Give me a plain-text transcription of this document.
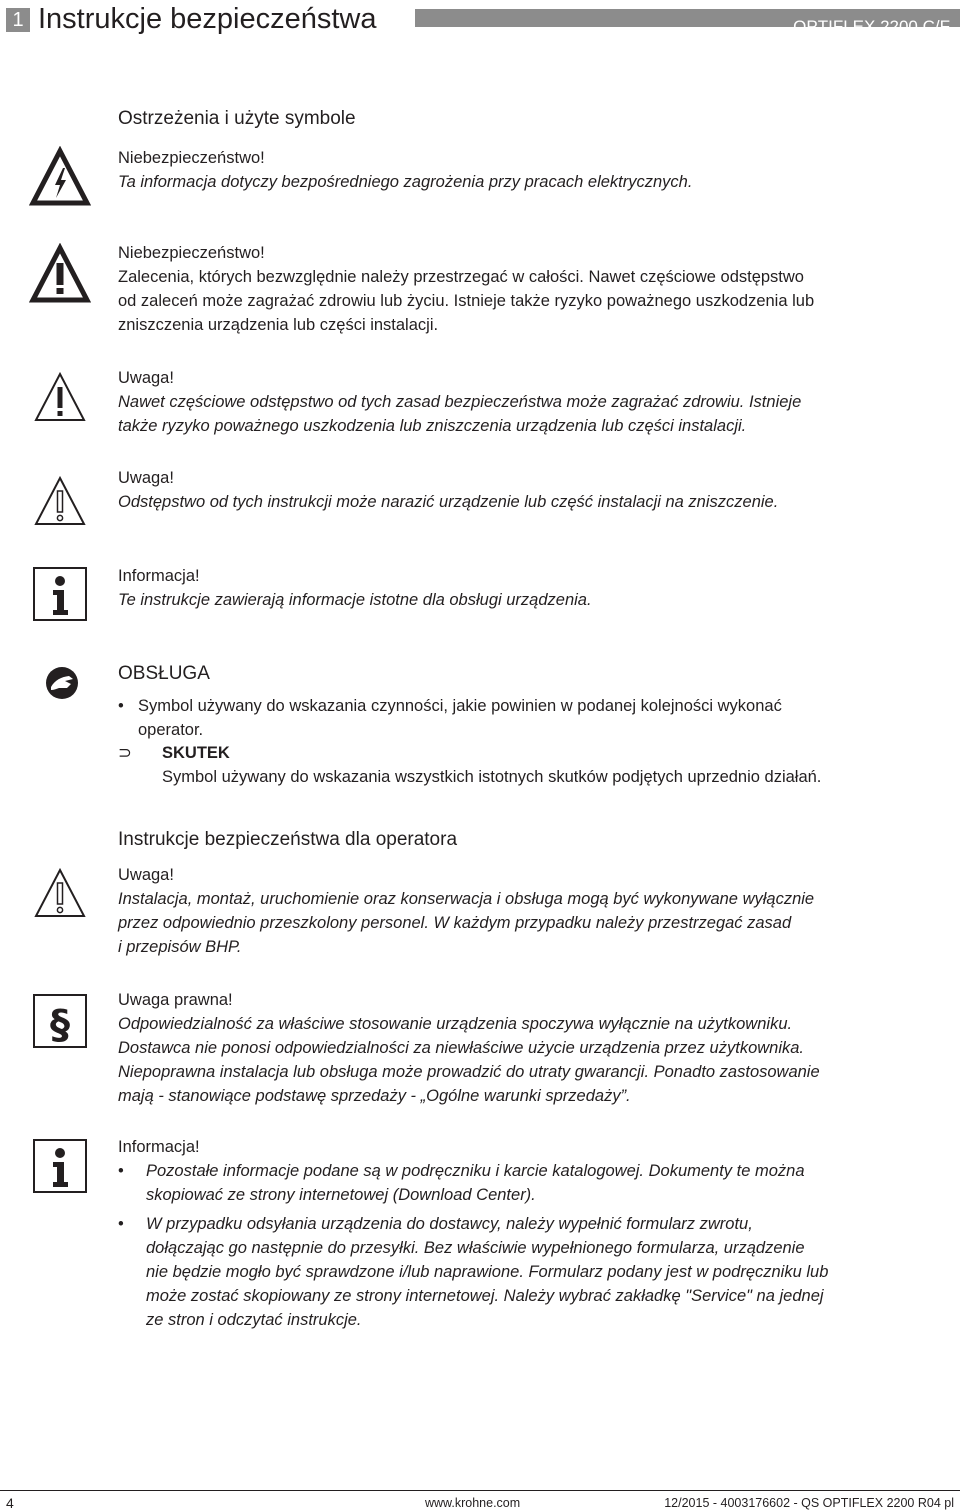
1 Instrukcje bezpieczeństwa	OPTIFLEX 2200 C/F
Ostrzeżenia i użyte symbole
Niebezpieczeństwo!
Ta informacja dotyczy bezpośredniego zagrożenia przy pracach elektrycznych.
Niebezpieczeństwo!
Zalecenia, których bezwzględnie należy przestrzegać w całości. Nawet częściowe odstępstwo
od zaleceń może zagrażać zdrowiu lub życiu. Istnieje także ryzyko poważnego uszkodzenia lub
zniszczenia urządzenia lub części instalacji.
Uwaga!
Nawet częściowe odstępstwo od tych zasad bezpieczeństwa może zagrażać zdrowiu. Istnieje
także ryzyko poważnego uszkodzenia lub zniszczenia urządzenia lub części instalacji.
Uwaga!
Odstępstwo od tych instrukcji może narazić urządzenie lub część instalacji na zniszczenie.
Informacja!
Te instrukcje zawierają informacje istotne dla obsługi urządzenia.
OBSŁUGA
• Symbol używany do wskazania czynności, jakie powinien w podanej kolejności wykonać
operator.
⊃ SKUTEK
Symbol używany do wskazania wszystkich istotnych skutków podjętych uprzednio działań.
Instrukcje bezpieczeństwa dla operatora
Uwaga!
Instalacja, montaż, uruchomienie oraz konserwacja i obsługa mogą być wykonywane wyłącznie
przez odpowiednio przeszkolony personel. W każdym przypadku należy przestrzegać zasad
i przepisów BHP.
§
Uwaga prawna!
Odpowiedzialność za właściwe stosowanie urządzenia spoczywa wyłącznie na użytkowniku.
Dostawca nie ponosi odpowiedzialności za niewłaściwe użycie urządzenia przez użytkownika.
Niepoprawna instalacja lub obsługa może prowadzić do utraty gwarancji. Ponadto zastosowanie
mają - stanowiące podstawę sprzedaży - „Ogólne warunki sprzedaży”.
Informacja!
• Pozostałe informacje podane są w podręczniku i karcie katalogowej. Dokumenty te można
skopiować ze strony internetowej (Download Center).
• W przypadku odsyłania urządzenia do dostawcy, należy wypełnić formularz zwrotu,
dołączając go następnie do przesyłki. Bez właściwie wypełnionego formularza, urządzenie
nie będzie mogło być sprawdzone i/lub naprawione. Formularz podany jest w podręczniku lub
może zostać skopiowany ze strony internetowej. Należy wybrać zakładkę "Service" na jednej
ze stron i odczytać instrukcje.
4	www.krohne.com	12/2015 - 4003176602 - QS OPTIFLEX 2200 R04 pl
